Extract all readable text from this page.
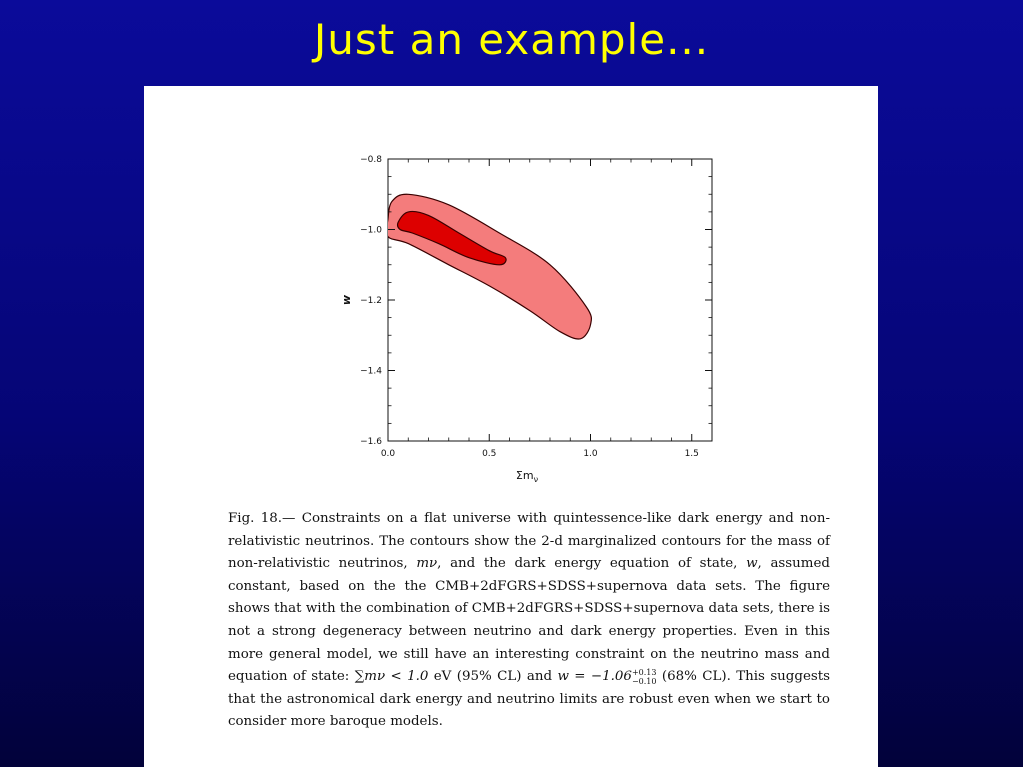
Just an example...
0.0	0.5	1.0	1.5
−0.8
−1.0
−1.2
−1.4
−1.6
w
$\Sigma m_\nu$
Fig. 18.— Constraints on a flat universe with quintessence-like dark energy and non-relativistic neutrinos. The contours show the 2-d marginalized contours for the mass of non-relativistic neutrinos, mν, and the dark energy equation of state, w, assumed constant, based on the the CMB+2dFGRS+SDSS+supernova data sets. The figure shows that with the combination of CMB+2dFGRS+SDSS+supernova data sets, there is not a strong degeneracy between neutrino and dark energy properties. Even in this more general model, we still have an interesting constraint on the neutrino mass and equation of state: ∑mν < 1.0 eV (95% CL) and w = −1.06 +0.13
−0.10 (68% CL). This suggests that the astronomical dark energy and neutrino limits are robust even when we start to consider more baroque models.
